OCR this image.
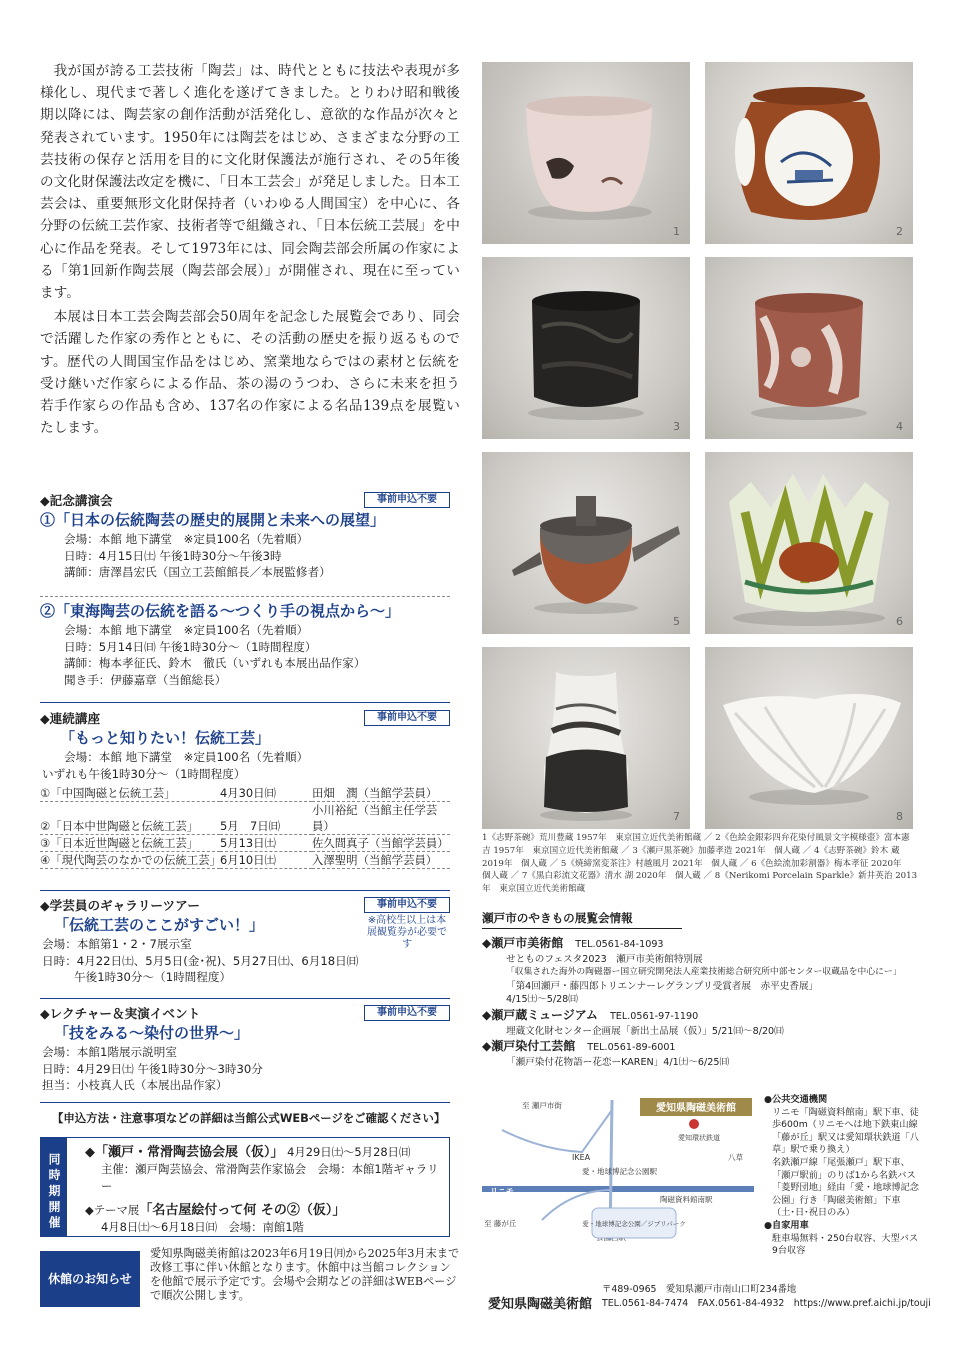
我が国が誇る工芸技術「陶芸」は、時代とともに技法や表現が多様化し、現代まで著しく進化を遂げてきました。とりわけ昭和戦後期以降には、陶芸家の創作活動が活発化し、意欲的な作品が次々と発表されています。1950年には陶芸をはじめ、さまざまな分野の工芸技術の保存と活用を目的に文化財保護法が施行され、その5年後の文化財保護法改定を機に、「日本工芸会」が発足しました。日本工芸会は、重要無形文化財保持者（いわゆる人間国宝）を中心に、各分野の伝統工芸作家、技術者等で組織され、「日本伝統工芸展」を中心に作品を発表。そして1973年には、同会陶芸部会所属の作家による「第1回新作陶芸展（陶芸部会展）」が開催され、現在に至っています。

本展は日本工芸会陶芸部会50周年を記念した展覧会であり、同会で活躍した作家の秀作とともに、その活動の歴史を振り返るものです。歴代の人間国宝作品をはじめ、窯業地ならではの素材と伝統を受け継いだ作家らによる作品、茶の湯のうつわ、さらに未来を担う若手作家らの作品も含め、137名の作家による名品139点を展覧いたします。

事前申込不要
◆記念講演会
①「日本の伝統陶芸の歴史的展開と未来への展望」
会場：本館 地下講堂　※定員100名（先着順）
日時：4月15日㈯ 午後1時30分〜午後3時
講師：唐澤昌宏氏（国立工芸館館長／本展監修者）
②「東海陶芸の伝統を語る〜つくり手の視点から〜」
会場：本館 地下講堂　※定員100名（先着順）
日時：5月14日㈰ 午後1時30分〜（1時間程度）
講師：梅本孝征氏、鈴木　徹氏（いずれも本展出品作家）
聞き手：伊藤嘉章（当館総長）
事前申込不要
◆連続講座
「もっと知りたい！伝統工芸」
会場：本館 地下講堂　※定員100名（先着順）
いずれも午後1時30分〜（1時間程度）
①「中国陶磁と伝統工芸」	4月30日㈰	田畑　潤（当館学芸員）
②「日本中世陶磁と伝統工芸」	5月　7日㈰	小川裕紀（当館主任学芸員）
③「日本近世陶磁と伝統工芸」	5月13日㈯	佐久間真子（当館学芸員）
④「現代陶芸のなかでの伝統工芸」	6月10日㈯	入澤聖明（当館学芸員）
事前申込不要
※高校生以上は本展観覧券が必要です
◆学芸員のギャラリーツアー
「伝統工芸のここがすごい！」
会場：本館第1・2・7展示室
日時：4月22日㈯、5月5日(金･祝)、5月27日㈯、6月18日㈰
午後1時30分〜（1時間程度）
事前申込不要
◆レクチャー＆実演イベント
「技をみる〜染付の世界〜」
会場：本館1階展示説明室
日時：4月29日㈯ 午後1時30分〜3時30分
担当：小枝真人氏（本展出品作家）
【申込方法・注意事項などの詳細は当館公式WEBページをご確認ください】
同時期開催	◆「瀬戸・常滑陶芸協会展（仮）」 4月29日㈯〜5月28日㈰
主催：瀬戸陶芸協会、常滑陶芸作家協会　会場：本館1階ギャラリー
◆テーマ展「名古屋絵付って何 その②（仮）」
4月8日㈯〜6月18日㈰　会場：南館1階
休館のお知らせ
愛知県陶磁美術館は2023年6月19日㈪から2025年3月末まで改修工事に伴い休館となります。休館中は当館コレクションを他館で展示予定です。会場や会期などの詳細はWEBページで順次公開します。
1	2
3	4
5	6
7	8
1《志野茶碗》荒川豊蔵 1957年　東京国立近代美術館蔵 ／ 2《色絵金銀彩四弁花染付風景文字模様壺》富本憲吉 1957年　東京国立近代美術館蔵 ／ 3《瀬戸黒茶碗》加藤孝造 2021年　個人蔵 ／ 4《志野茶碗》鈴木 蔵 2019年　個人蔵 ／ 5《焼締窯変茶注》村越風月 2021年　個人蔵 ／ 6《色絵流加彩割器》梅本孝征 2020年　個人蔵 ／ 7《黒白彩流文花器》清水 湖 2020年　個人蔵 ／ 8《Nerikomi Porcelain Sparkle》新井英治 2013年　東京国立近代美術館蔵
瀬戸市のやきもの展覧会情報
◆瀬戸市美術館　 TEL.0561-84-1093
せとものフェスタ2023　瀬戸市美術館特別展
「収集された海外の陶磁器ー国立研究開発法人産業技術総合研究所中部センター収蔵品を中心にー」
「第4回瀬戸・藤四郎トリエンナーレグランプリ受賞者展　赤平史香展」
4/15㈯〜5/28㈰
◆瀬戸蔵ミュージアム　 TEL.0561-97-1190
埋蔵文化財センター企画展「新出土品展（仮）」5/21㈰〜8/20㈰
◆瀬戸染付工芸館　 TEL.0561-89-6001
「瀬戸染付花物語ー花恋ーKAREN」4/1㈯〜6/25㈰
愛知県陶磁美術館
至 瀬戸市街
至 藤が丘
リニモ
陶磁資料館南駅
愛・地球博記念公園駅
八草
IKEA
愛知環状鉄道
愛・地球博記念公園／ジブリパーク
●公共交通機関
リニモ「陶磁資料館南」駅下車、徒歩600m（リニモへは地下鉄東山線「藤が丘」駅又は愛知環状鉄道「八草」駅で乗り換え）
名鉄瀬戸線「尾張瀬戸」駅下車、「瀬戸駅前」のりば1から名鉄バス「菱野団地」経由「愛・地球博記念公園」行き「陶磁美術館」下車（土･日･祝日のみ）
●自家用車
駐車場無料・250台収容、大型バス9台収容
愛知県陶磁美術館
〒489-0965　愛知県瀬戸市南山口町234番地
TEL.0561-84-7474　FAX.0561-84-4932　https://www.pref.aichi.jp/touji
